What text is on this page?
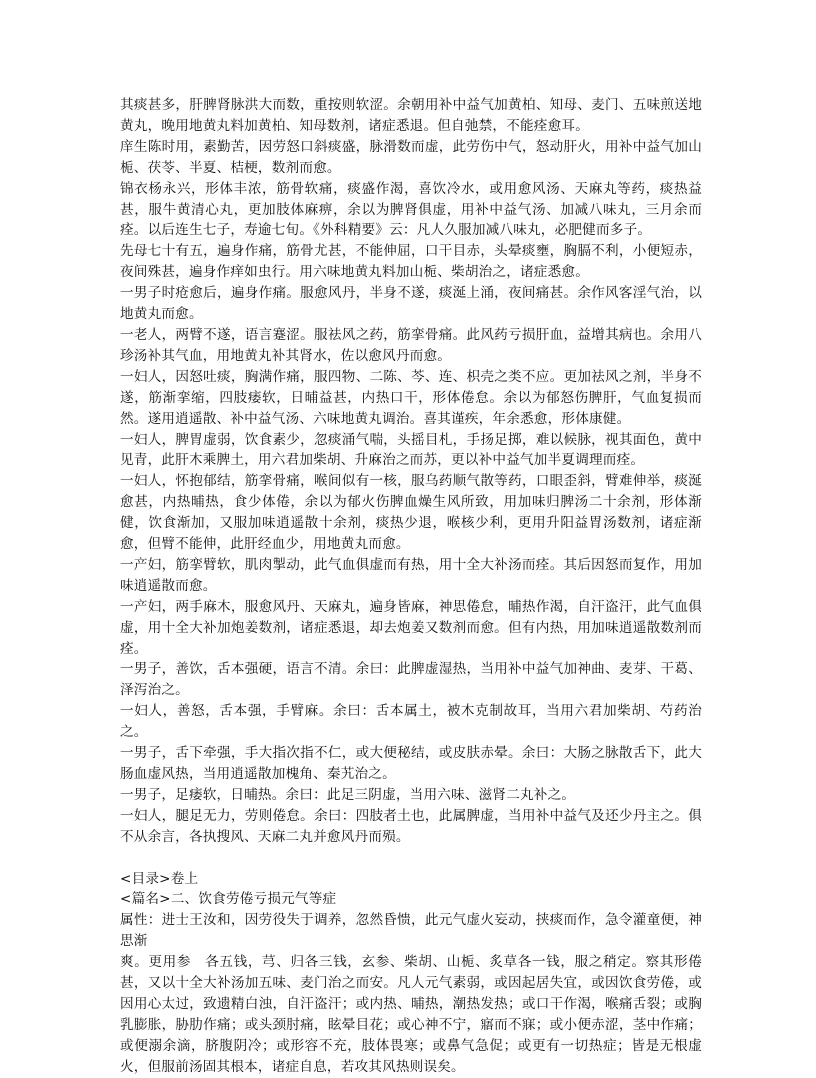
其痰甚多，肝脾肾脉洪大而数，重按则软涩。余朝用补中益气加黄柏、知母、麦门、五味煎送地黄丸，晚用地黄丸料加黄柏、知母数剂，诸症悉退。但自弛禁，不能痊愈耳。

庠生陈时用，素勤苦，因劳怒口斜痰盛，脉滑数而虚，此劳伤中气，怒动肝火，用补中益气加山栀、茯苓、半夏、桔梗，数剂而愈。

锦衣杨永兴，形体丰浓，筋骨软痛，痰盛作渴，喜饮冷水，或用愈风汤、天麻丸等药，痰热益甚，服牛黄清心丸，更加肢体麻痹，余以为脾肾俱虚，用补中益气汤、加减八味丸，三月余而痊。以后连生七子，寿逾七旬。《外科精要》云：凡人久服加减八味丸，必肥健而多子。

先母七十有五，遍身作痛，筋骨尤甚，不能伸屈，口干目赤，头晕痰壅，胸膈不利，小便短赤，夜间殊甚，遍身作痒如虫行。用六味地黄丸料加山栀、柴胡治之，诸症悉愈。

一男子时疮愈后，遍身作痛。服愈风丹，半身不遂，痰涎上涌，夜间痛甚。余作风客淫气治，以地黄丸而愈。

一老人，两臂不遂，语言蹇涩。服祛风之药，筋挛骨痛。此风药亏损肝血，益增其病也。余用八珍汤补其气血，用地黄丸补其肾水，佐以愈风丹而愈。

一妇人，因怒吐痰，胸满作痛，服四物、二陈、芩、连、枳壳之类不应。更加祛风之剂，半身不遂，筋渐挛缩，四肢痿软，日晡益甚，内热口干，形体倦怠。余以为郁怒伤脾肝，气血复损而然。遂用逍遥散、补中益气汤、六味地黄丸调治。喜其谨疾，年余悉愈，形体康健。

一妇人，脾胃虚弱，饮食素少，忽痰涌气喘，头摇目札，手扬足掷，难以候脉，视其面色，黄中见青，此肝木乘脾土，用六君加柴胡、升麻治之而苏，更以补中益气加半夏调理而痊。

一妇人，怀抱郁结，筋挛骨痛，喉间似有一核，服乌药顺气散等药，口眼歪斜，臂难伸举，痰涎愈甚，内热晡热，食少体倦，余以为郁火伤脾血燥生风所致，用加味归脾汤二十余剂，形体渐健，饮食渐加，又服加味逍遥散十余剂，痰热少退，喉核少利，更用升阳益胃汤数剂，诸症渐愈，但臂不能伸，此肝经血少，用地黄丸而愈。

一产妇，筋挛臂软，肌肉掣动，此气血俱虚而有热，用十全大补汤而痊。其后因怒而复作，用加味逍遥散而愈。

一产妇，两手麻木，服愈风丹、天麻丸，遍身皆麻，神思倦怠，晡热作渴，自汗盗汗，此气血俱虚，用十全大补加炮姜数剂，诸症悉退，却去炮姜又数剂而愈。但有内热，用加味逍遥散数剂而痊。

一男子，善饮，舌本强硬，语言不清。余曰：此脾虚湿热，当用补中益气加神曲、麦芽、干葛、泽泻治之。

一妇人，善怒，舌本强，手臂麻。余曰：舌本属土，被木克制故耳，当用六君加柴胡、芍药治之。

一男子，舌下牵强，手大指次指不仁，或大便秘结，或皮肤赤晕。余曰：大肠之脉散舌下，此大肠血虚风热，当用逍遥散加槐角、秦艽治之。

一男子，足痿软，日晡热。余曰：此足三阴虚，当用六味、滋肾二丸补之。

一妇人，腿足无力，劳则倦怠。余曰：四肢者土也，此属脾虚，当用补中益气及还少丹主之。俱不从余言，各执搜风、天麻二丸并愈风丹而殒。

<目录>卷上

<篇名>二、饮食劳倦亏损元气等症

属性：进士王汝和，因劳役失于调养，忽然昏愦，此元气虚火妄动，挟痰而作，急令灌童便，神思渐

爽。更用参　各五钱，芎、归各三钱，玄参、柴胡、山栀、炙草各一钱，服之稍定。察其形倦甚，又以十全大补汤加五味、麦门治之而安。凡人元气素弱，或因起居失宜，或因饮食劳倦，或因用心太过，致遗精白浊，自汗盗汗；或内热、晡热，潮热发热；或口干作渴，喉痛舌裂；或胸乳膨胀，胁肋作痛；或头颈肘痛，眩晕目花；或心神不宁，寤而不寐；或小便赤涩，茎中作痛；或便溺余滴，脐腹阴冷；或形容不充，肢体畏寒；或鼻气急促；或更有一切热症；皆是无根虚火，但服前汤固其根本，诸症自息，若攻其风热则误矣。
